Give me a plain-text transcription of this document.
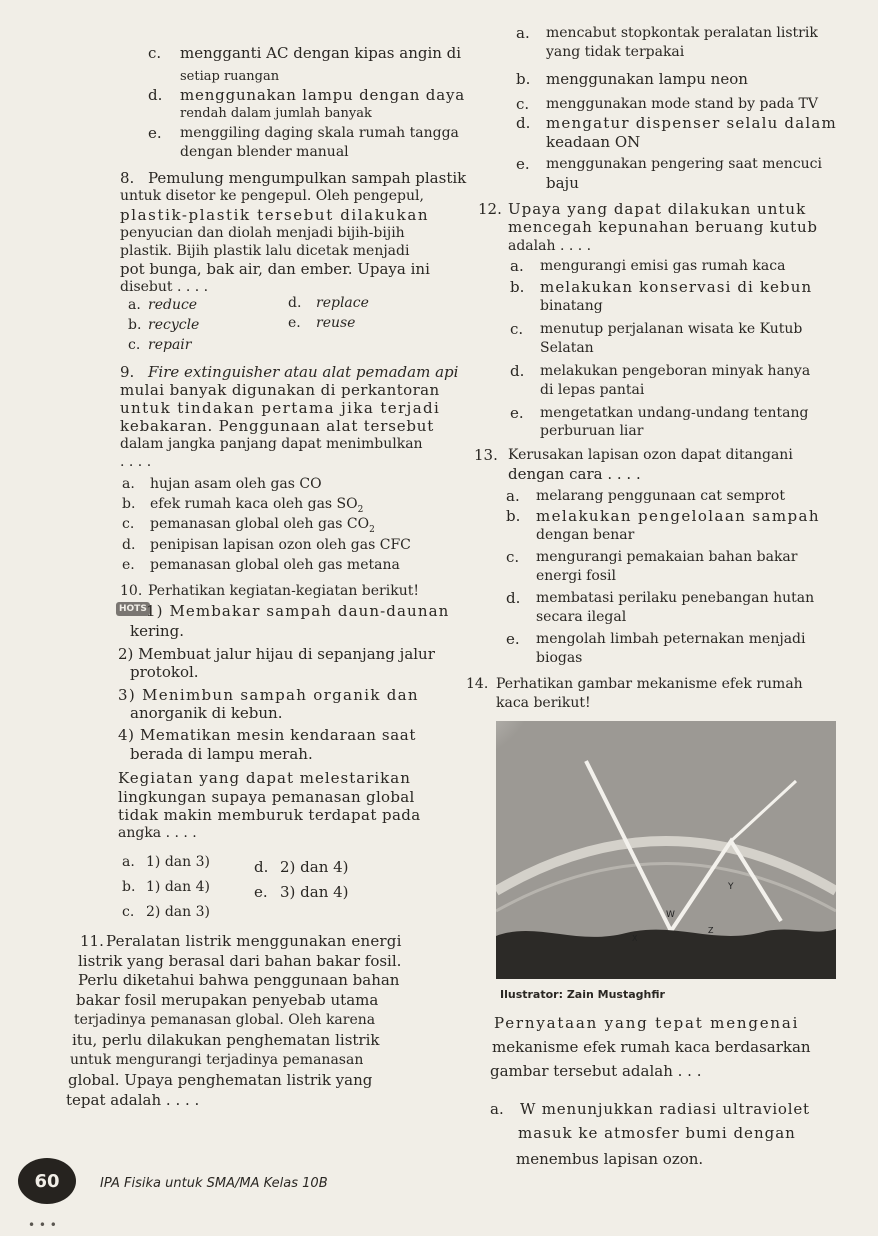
c. mengganti AC dengan kipas angin di
setiap ruangan
d. menggunakan lampu dengan daya
rendah dalam jumlah banyak
e. menggiling daging skala rumah tangga
dengan blender manual
8. Pemulung mengumpulkan sampah plastik
untuk disetor ke pengepul. Oleh pengepul,
plastik-plastik tersebut dilakukan
penyucian dan diolah menjadi bijih-bijih
plastik. Bijih plastik lalu dicetak menjadi
pot bunga, bak air, dan ember. Upaya ini
disebut . . . .
a. reduce
b. recycle
c. repair
d. replace
e. reuse
9. Fire extinguisher atau alat pemadam api
mulai banyak digunakan di perkantoran
untuk tindakan pertama jika terjadi
kebakaran. Penggunaan alat tersebut
dalam jangka panjang dapat menimbulkan
. . . .
a. hujan asam oleh gas CO
b. efek rumah kaca oleh gas $SO_2$
c. pemanasan global oleh gas $CO_2$
d. penipisan lapisan ozon oleh gas CFC
e. pemanasan global oleh gas metana
10. Perhatikan kegiatan-kegiatan berikut!
HOTS 1) Membakar sampah daun-daunan
kering.
2) Membuat jalur hijau di sepanjang jalur
protokol.
3) Menimbun sampah organik dan
anorganik di kebun.
4) Mematikan mesin kendaraan saat
berada di lampu merah.
Kegiatan yang dapat melestarikan
lingkungan supaya pemanasan global
tidak makin memburuk terdapat pada
angka . . . .
a. 1) dan 3)
b. 1) dan 4)
c. 2) dan 3)
d. 2) dan 4)
e. 3) dan 4)
11. Peralatan listrik menggunakan energi
listrik yang berasal dari bahan bakar fosil.
Perlu diketahui bahwa penggunaan bahan
bakar fosil merupakan penyebab utama
terjadinya pemanasan global. Oleh karena
itu, perlu dilakukan penghematan listrik
untuk mengurangi terjadinya pemanasan
global. Upaya penghematan listrik yang
tepat adalah . . . .
a. mencabut stopkontak peralatan listrik
yang tidak terpakai
b. menggunakan lampu neon
c. menggunakan mode stand by pada TV
d. mengatur dispenser selalu dalam
keadaan ON
e. menggunakan pengering saat mencuci
baju
12. Upaya yang dapat dilakukan untuk
mencegah kepunahan beruang kutub
adalah . . . .
a. mengurangi emisi gas rumah kaca
b. melakukan konservasi di kebun
binatang
c. menutup perjalanan wisata ke Kutub
Selatan
d. melakukan pengeboran minyak hanya
di lepas pantai
e. mengetatkan undang-undang tentang
perburuan liar
13. Kerusakan lapisan ozon dapat ditangani
dengan cara . . . .
a. melarang penggunaan cat semprot
b. melakukan pengelolaan sampah
dengan benar
c. mengurangi pemakaian bahan bakar
energi fosil
d. membatasi perilaku penebangan hutan
secara ilegal
e. mengolah limbah peternakan menjadi
biogas
14. Perhatikan gambar mekanisme efek rumah
kaca berikut!
Y
W
X
Z
Ilustrator: Zain Mustaghfir
Pernyataan yang tepat mengenai
mekanisme efek rumah kaca berdasarkan
gambar tersebut adalah . . .
a. W menunjukkan radiasi ultraviolet
masuk ke atmosfer bumi dengan
menembus lapisan ozon.
60	IPA Fisika untuk SMA/MA Kelas 10B
• • •
